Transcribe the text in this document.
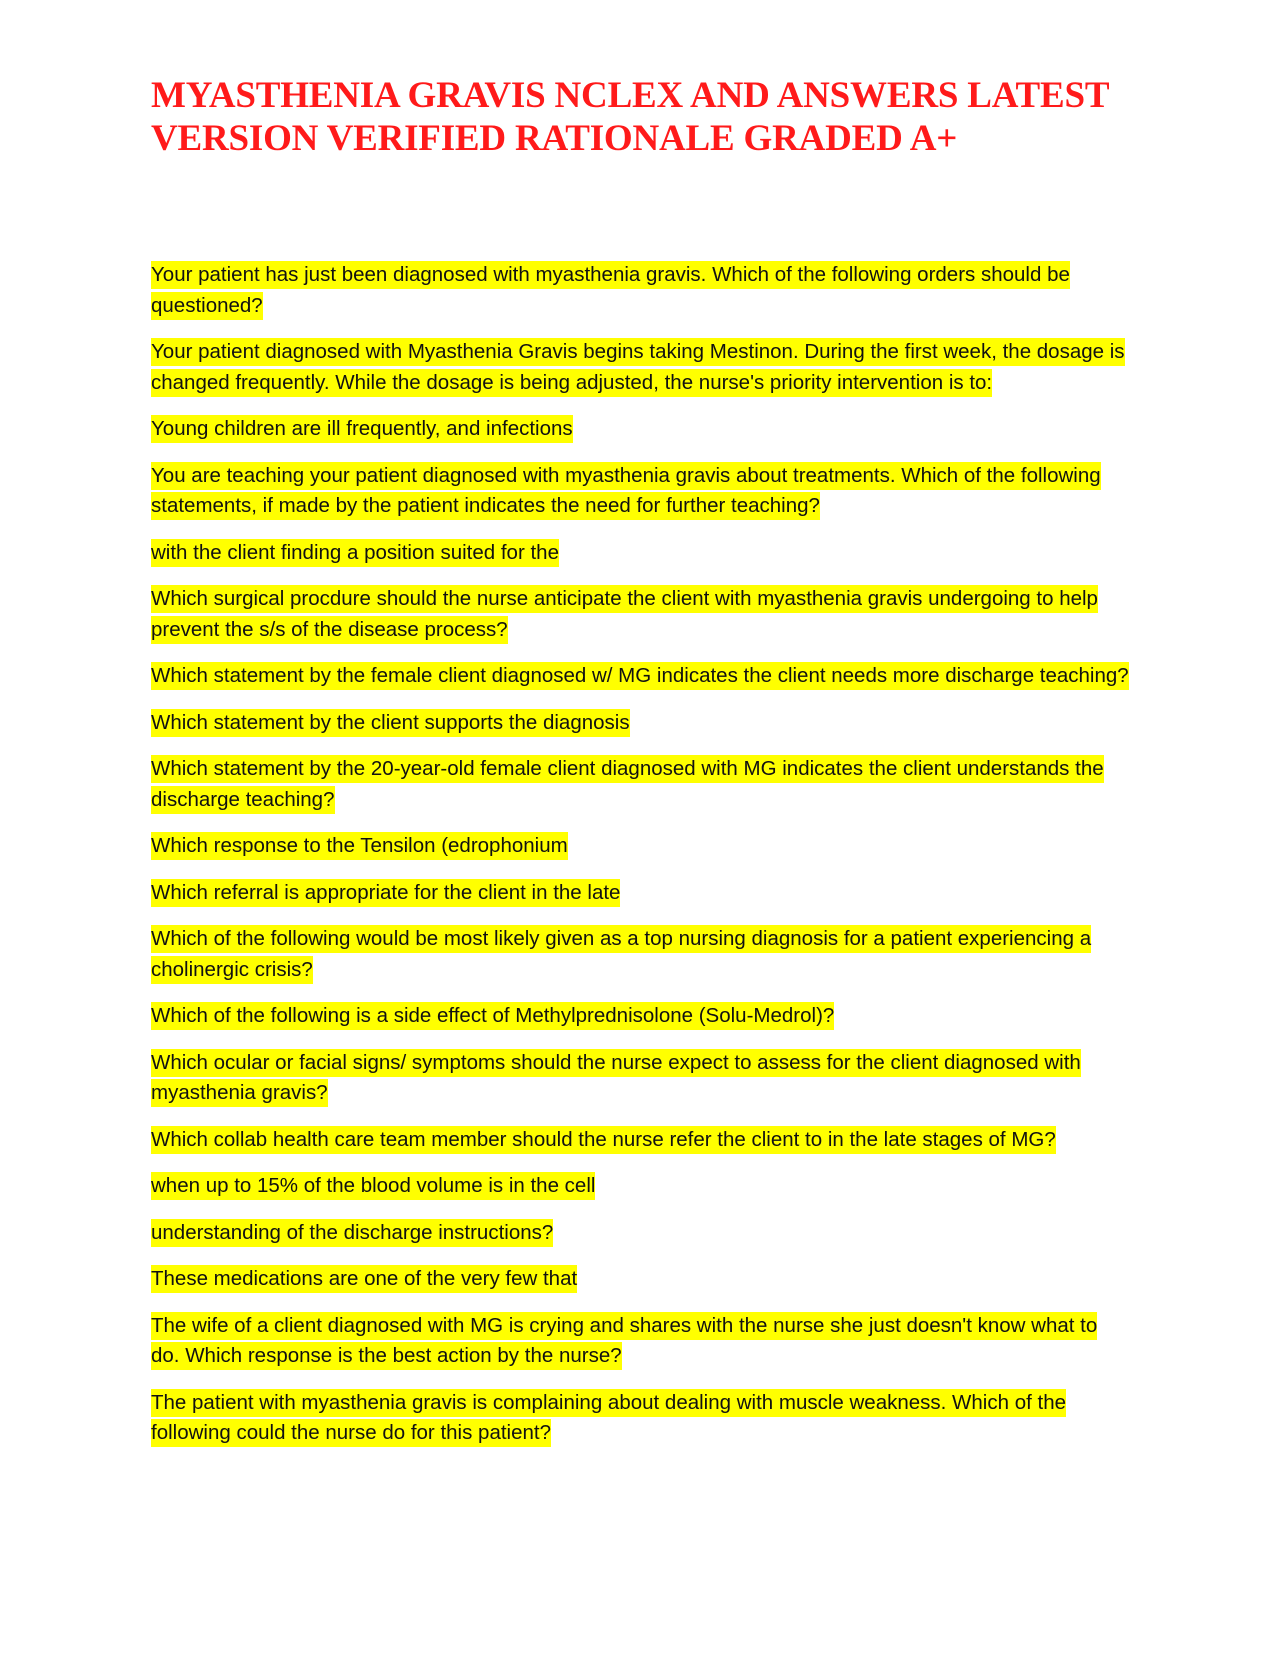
MYASTHENIA GRAVIS NCLEX AND ANSWERS LATEST VERSION VERIFIED RATIONALE GRADED A+
Your patient has just been diagnosed with myasthenia gravis. Which of the following orders should be questioned?
Your patient diagnosed with Myasthenia Gravis begins taking Mestinon. During the first week, the dosage is changed frequently. While the dosage is being adjusted, the nurse's priority intervention is to:
Young children are ill frequently, and infections
You are teaching your patient diagnosed with myasthenia gravis about treatments. Which of the following statements, if made by the patient indicates the need for further teaching?
with the client finding a position suited for the
Which surgical procdure should the nurse anticipate the client with myasthenia gravis undergoing to help prevent the s/s of the disease process?
Which statement by the female client diagnosed w/ MG indicates the client needs more discharge teaching?
Which statement by the client supports the diagnosis
Which statement by the 20-year-old female client diagnosed with MG indicates the client understands the discharge teaching?
Which response to the Tensilon (edrophonium
Which referral is appropriate for the client in the late
Which of the following would be most likely given as a top nursing diagnosis for a patient experiencing a cholinergic crisis?
Which of the following is a side effect of Methylprednisolone (Solu-Medrol)?
Which ocular or facial signs/ symptoms should the nurse expect to assess for the client diagnosed with myasthenia gravis?
Which collab health care team member should the nurse refer the client to in the late stages of MG?
when up to 15% of the blood volume is in the cell
understanding of the discharge instructions?
These medications are one of the very few that
The wife of a client diagnosed with MG is crying and shares with the nurse she just doesn't know what to do. Which response is the best action by the nurse?
The patient with myasthenia gravis is complaining about dealing with muscle weakness. Which of the following could the nurse do for this patient?
